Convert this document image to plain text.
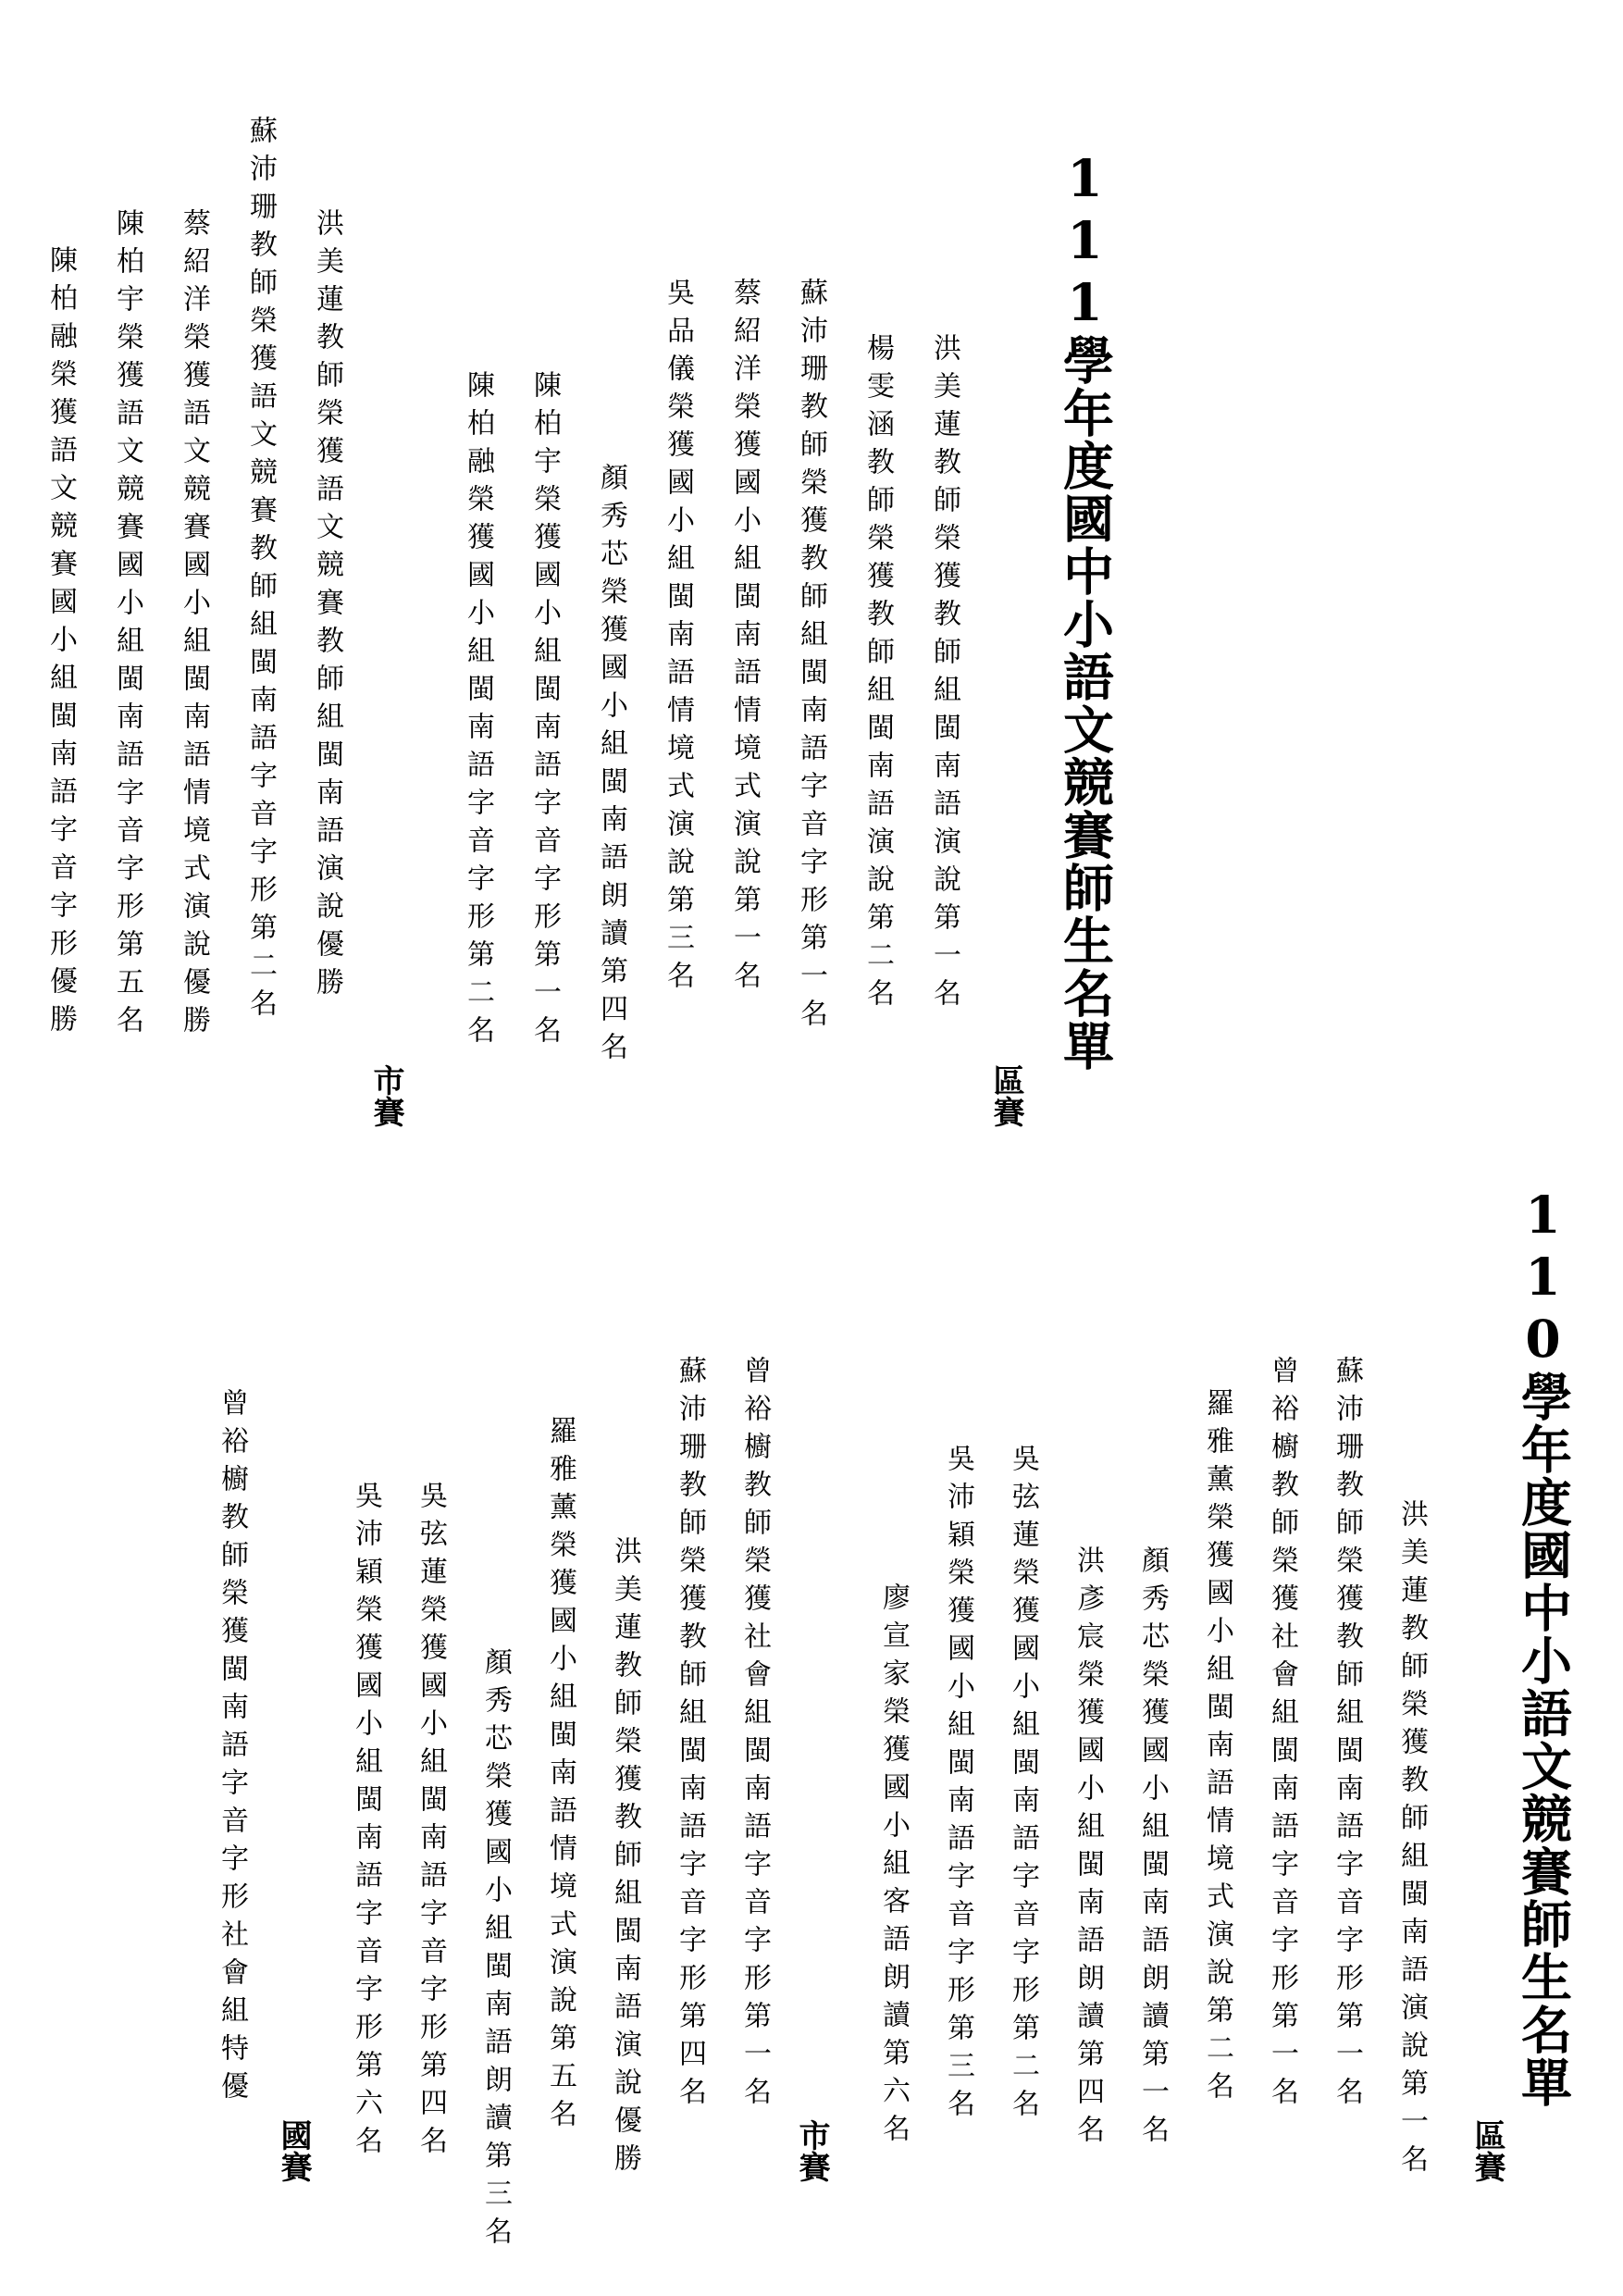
111學年度國中小語文競賽師生名單
區賽
洪美蓮教師榮獲教師組閩南語演說第一名
楊雯涵教師榮獲教師組閩南語演說第二名
蘇沛珊教師榮獲教師組閩南語字音字形第一名
蔡紹洋榮獲國小組閩南語情境式演說第一名
吳品儀榮獲國小組閩南語情境式演說第三名
顏秀芯榮獲國小組閩南語朗讀第四名
陳柏宇榮獲國小組閩南語字音字形第一名
陳柏融榮獲國小組閩南語字音字形第二名
市賽
洪美蓮教師榮獲語文競賽教師組閩南語演說優勝
蘇沛珊教師榮獲語文競賽教師組閩南語字音字形第二名
蔡紹洋榮獲語文競賽國小組閩南語情境式演說優勝
陳柏宇榮獲語文競賽國小組閩南語字音字形第五名
陳柏融榮獲語文競賽國小組閩南語字音字形優勝
110學年度國中小語文競賽師生名單
區賽
洪美蓮教師榮獲教師組閩南語演說第一名
蘇沛珊教師榮獲教師組閩南語字音字形第一名
曾裕櫥教師榮獲社會組閩南語字音字形第一名
羅雅薰榮獲國小組閩南語情境式演說第二名
顏秀芯榮獲國小組閩南語朗讀第一名
洪彥宸榮獲國小組閩南語朗讀第四名
吳弦蓮榮獲國小組閩南語字音字形第二名
吳沛穎榮獲國小組閩南語字音字形第三名
廖宣家榮獲國小組客語朗讀第六名
市賽
曾裕櫥教師榮獲社會組閩南語字音字形第一名
蘇沛珊教師榮獲教師組閩南語字音字形第四名
洪美蓮教師榮獲教師組閩南語演說優勝
羅雅薰榮獲國小組閩南語情境式演說第五名
顏秀芯榮獲國小組閩南語朗讀第三名
吳弦蓮榮獲國小組閩南語字音字形第四名
吳沛穎榮獲國小組閩南語字音字形第六名
國賽
曾裕櫥教師榮獲閩南語字音字形社會組特優
